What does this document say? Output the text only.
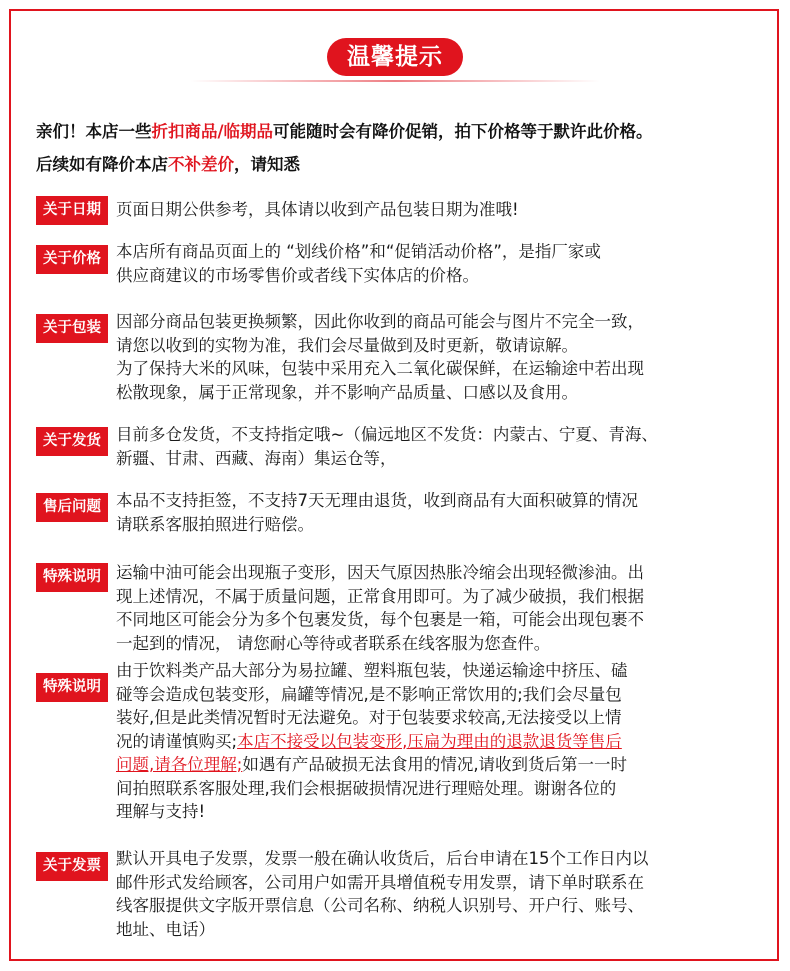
温馨提示
亲们！本店一些折扣商品/临期品可能随时会有降价促销，拍下价格等于默许此价格。
后续如有降价本店不补差价，请知悉
关于日期 页面日期公供参考，具体请以收到产品包装日期为准哦!

关于价格 本店所有商品页面上的 “划线价格”和“促销活动价格”，是指厂家或

供应商建议的市场零售价或者线下实体店的价格。

关于包装 因部分商品包装更换频繁，因此你收到的商品可能会与图片不完全一致，

请您以收到的实物为准，我们会尽量做到及时更新，敬请谅解。

为了保持大米的风味，包装中采用充入二氧化碳保鲜，在运输途中若出现

松散现象，属于正常现象，并不影响产品质量、口感以及食用。

关于发货 目前多仓发货，不支持指定哦~（偏远地区不发货：内蒙古、宁夏、青海、

新疆、甘肃、西藏、海南）集运仓等，

售后问题 本品不支持拒签，不支持7天无理由退货，收到商品有大面积破算的情况

请联系客服拍照进行赔偿。

特殊说明 运输中油可能会出现瓶子变形，因天气原因热胀冷缩会出现轻微渗油。出

现上述情况，不属于质量问题，正常食用即可。为了减少破损，我们根据

不同地区可能会分为多个包裹发货，每个包裹是一箱，可能会出现包裹不

一起到的情况， 请您耐心等待或者联系在线客服为您查件。

特殊说明

由于饮料类产品大部分为易拉罐、塑料瓶包装，快递运输途中挤压、磕

碰等会造成包装变形，扁罐等情况,是不影响正常饮用的;我们会尽量包

装好,但是此类情况暂时无法避免。对于包装要求较高,无法接受以上情

况的请谨慎购买;本店不接受以包装变形,压扁为理由的退款退货等售后

问题,请各位理解;如遇有产品破损无法食用的情况,请收到货后第一一时

间拍照联系客服处理,我们会根据破损情况进行理赔处理。谢谢各位的

理解与支持!

关于发票 默认开具电子发票，发票一般在确认收货后，后台申请在15个工作日内以

邮件形式发给顾客，公司用户如需开具增值税专用发票，请下单时联系在

线客服提供文字版开票信息（公司名称、纳税人识别号、开户行、账号、

地址、电话）
